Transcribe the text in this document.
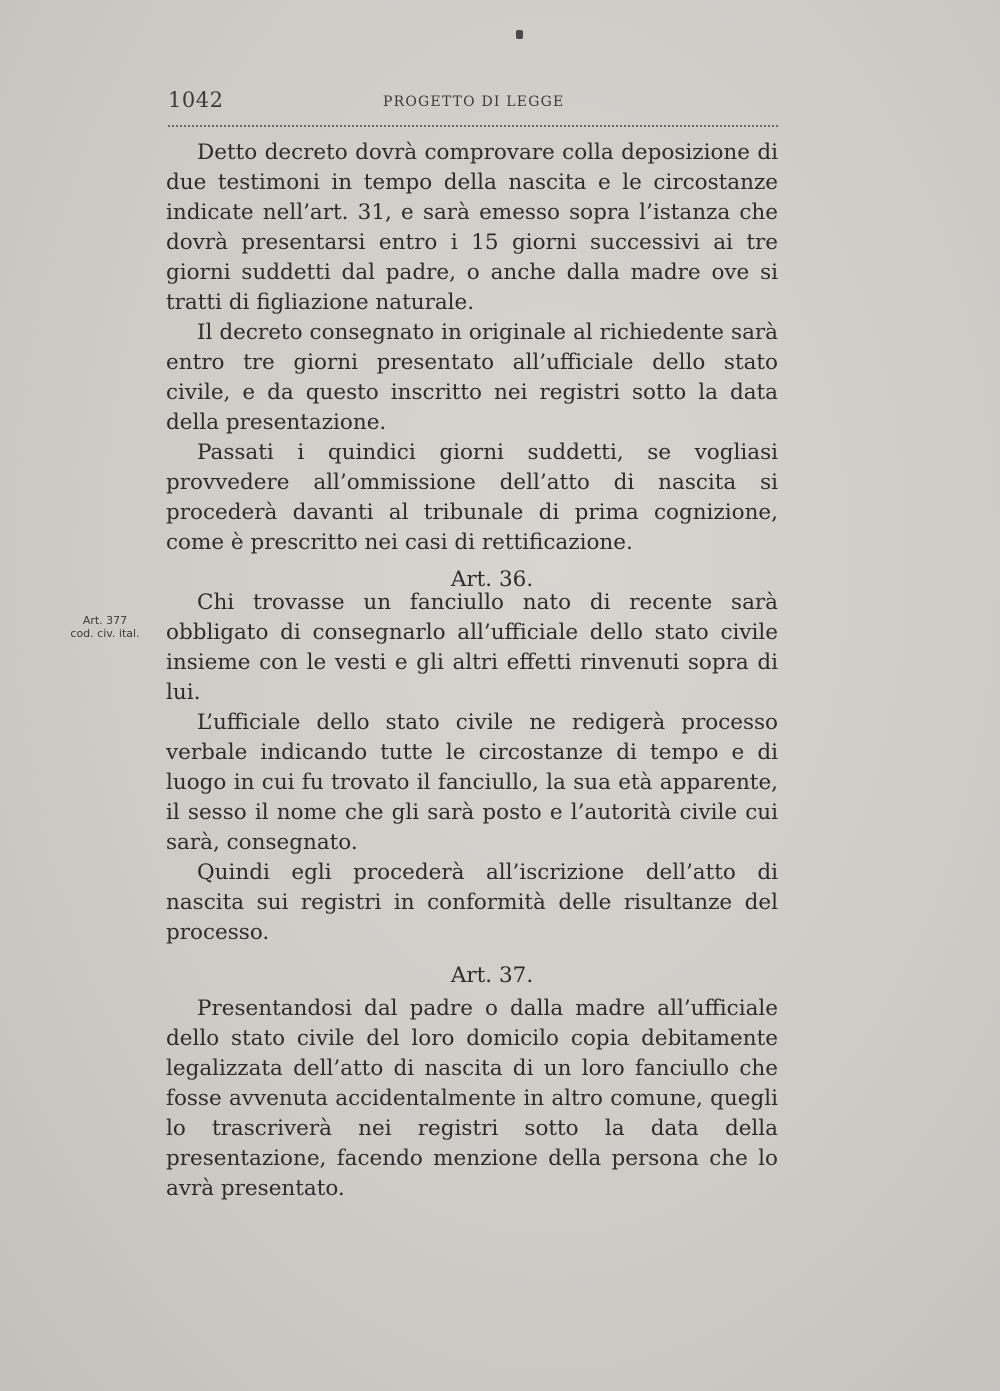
1042	PROGETTO DI LEGGE
Art. 377
cod. civ. ital.

Detto decreto dovrà comprovare colla deposizione di due testimoni in tempo della nascita e le circostanze indicate nell’art. 31, e sarà emesso sopra l’istanza che dovrà presentarsi entro i 15 giorni successivi ai tre giorni suddetti dal padre, o anche dalla madre ove si tratti di figliazione naturale.

Il decreto consegnato in originale al richiedente sarà entro tre giorni presentato all’ufficiale dello stato civile, e da questo inscritto nei registri sotto la data della presentazione.

Passati i quindici giorni suddetti, se vogliasi provvedere all’ommissione dell’atto di nascita si procederà davanti al tribunale di prima cognizione, come è prescritto nei casi di rettificazione.

Art. 36.

Chi trovasse un fanciullo nato di recente sarà obbligato di consegnarlo all’ufficiale dello stato civile insieme con le vesti e gli altri effetti rinvenuti sopra di lui.

L’ufficiale dello stato civile ne redigerà processo verbale indicando tutte le circostanze di tempo e di luogo in cui fu trovato il fanciullo, la sua età apparente, il sesso il nome che gli sarà posto e l’autorità civile cui sarà, consegnato.

Quindi egli procederà all’iscrizione dell’atto di nascita sui registri in conformità delle risultanze del processo.

Art. 37.

Presentandosi dal padre o dalla madre all’ufficiale dello stato civile del loro domicilo copia debitamente legalizzata dell’atto di nascita di un loro fanciullo che fosse avvenuta accidentalmente in altro comune, quegli lo trascriverà nei registri sotto la data della presentazione, facendo menzione della persona che lo avrà presentato.
